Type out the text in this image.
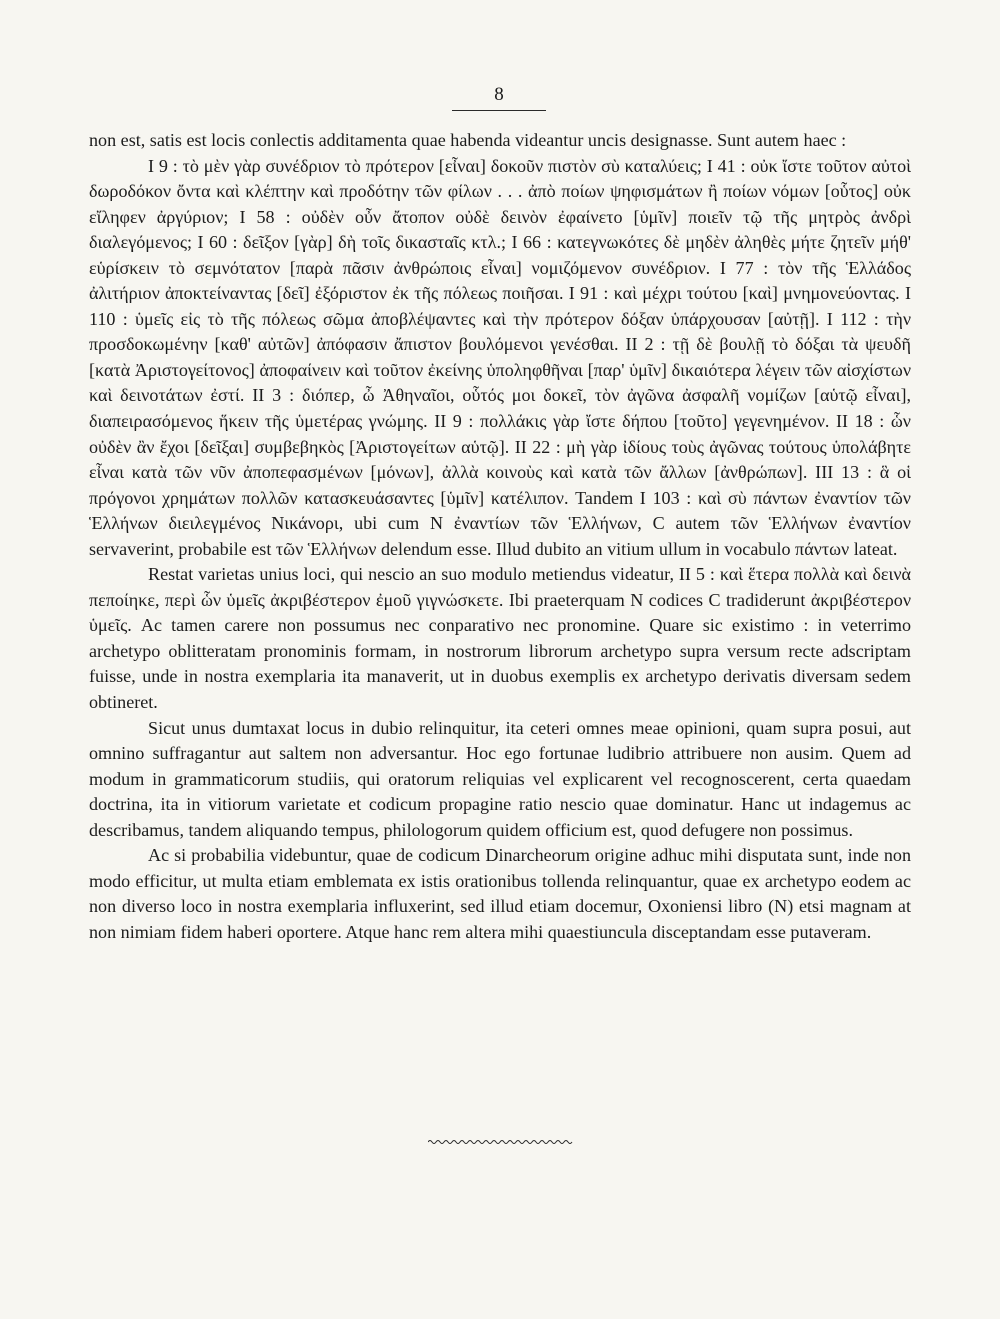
8

non est, satis est locis conlectis additamenta quae habenda videantur uncis designasse. Sunt autem haec :

I 9 : τὸ μὲν γὰρ συνέδριον τὸ πρότερον [εἶναι] δοκοῦν πιστὸν σὺ καταλύεις; I 41 : οὐκ ἴστε τοῦτον αὐτοὶ δωροδόκον ὄντα καὶ κλέπτην καὶ προδότην τῶν φίλων . . . ἀπὸ ποίων ψηφισμάτων ἢ ποίων νόμων [οὗτος] οὐκ εἴληφεν ἀργύριον; I 58 : οὐδὲν οὖν ἄτοπον οὐδὲ δεινὸν ἐφαίνετο [ὑμῖν] ποιεῖν τῷ τῆς μητρὸς ἀνδρὶ διαλεγόμενος; I 60 : δεῖξον [γὰρ] δὴ τοῖς δικασταῖς κτλ.; I 66 : κατεγνωκότες δὲ μηδὲν ἀληθὲς μήτε ζητεῖν μήθ' εὑρίσκειν τὸ σεμνότατον [παρὰ πᾶσιν ἀνθρώποις εἶναι] νομιζόμενον συνέδριον. I 77 : τὸν τῆς Ἑλλάδος ἀλιτήριον ἀποκτείναντας [δεῖ] ἐξόριστον ἐκ τῆς πόλεως ποιῆσαι. I 91 : καὶ μέχρι τούτου [καὶ] μνημονεύοντας. I 110 : ὑμεῖς εἰς τὸ τῆς πόλεως σῶμα ἀποβλέψαντες καὶ τὴν πρότερον δόξαν ὑπάρχουσαν [αὐτῇ]. I 112 : τὴν προσδοκωμένην [καθ' αὐτῶν] ἀπόφασιν ἄπιστον βουλόμενοι γενέσθαι. II 2 : τῇ δὲ βουλῇ τὸ δόξαι τὰ ψευδῆ [κατὰ Ἀριστογείτονος] ἀποφαίνειν καὶ τοῦτον ἐκείνης ὑποληφθῆναι [παρ' ὑμῖν] δικαιότερα λέγειν τῶν αἰσχίστων καὶ δεινοτάτων ἐστί. II 3 : διόπερ, ὦ Ἀθηναῖοι, οὗτός μοι δοκεῖ, τὸν ἀγῶνα ἀσφαλῆ νομίζων [αὑτῷ εἶναι], διαπειρασόμενος ἥκειν τῆς ὑμετέρας γνώμης. II 9 : πολλάκις γὰρ ἴστε δήπου [τοῦτο] γεγενημένον. II 18 : ὧν οὐδὲν ἂν ἔχοι [δεῖξαι] συμβεβηκὸς [Ἀριστογείτων αὑτῷ]. II 22 : μὴ γὰρ ἰδίους τοὺς ἀγῶνας τούτους ὑπολάβητε εἶναι κατὰ τῶν νῦν ἀποπεφασμένων [μόνων], ἀλλὰ κοινοὺς καὶ κατὰ τῶν ἄλλων [ἀνθρώπων]. III 13 : ἃ οἱ πρόγονοι χρημάτων πολλῶν κατασκευάσαντες [ὑμῖν] κατέλιπον. Tandem I 103 : καὶ σὺ πάντων ἐναντίον τῶν Ἑλλήνων διειλεγμένος Νικάνορι, ubi cum N ἐναντίων τῶν Ἑλλήνων, C autem τῶν Ἑλλήνων ἐναντίον servaverint, probabile est τῶν Ἑλλήνων delendum esse. Illud dubito an vitium ullum in vocabulo πάντων lateat.

Restat varietas unius loci, qui nescio an suo modulo metiendus videatur, II 5 : καὶ ἕτερα πολλὰ καὶ δεινὰ πεποίηκε, περὶ ὧν ὑμεῖς ἀκριβέστερον ἐμοῦ γιγνώσκετε. Ibi praeterquam N codices C tradiderunt ἀκριβέστερον ὑμεῖς. Ac tamen carere non possumus nec conparativo nec pronomine. Quare sic existimo : in veterrimo archetypo oblitteratam pronominis formam, in nostrorum librorum archetypo supra versum recte adscriptam fuisse, unde in nostra exemplaria ita manaverit, ut in duobus exemplis ex archetypo derivatis diversam sedem obtineret.

Sicut unus dumtaxat locus in dubio relinquitur, ita ceteri omnes meae opinioni, quam supra posui, aut omnino suffragantur aut saltem non adversantur. Hoc ego fortunae ludibrio attribuere non ausim. Quem ad modum in grammaticorum studiis, qui oratorum reliquias vel explicarent vel recognoscerent, certa quaedam doctrina, ita in vitiorum varietate et codicum propagine ratio nescio quae dominatur. Hanc ut indagemus ac describamus, tandem aliquando tempus, philologorum quidem officium est, quod defugere non possimus.

Ac si probabilia videbuntur, quae de codicum Dinarcheorum origine adhuc mihi disputata sunt, inde non modo efficitur, ut multa etiam emblemata ex istis orationibus tollenda relinquantur, quae ex archetypo eodem ac non diverso loco in nostra exemplaria influxerint, sed illud etiam docemur, Oxoniensi libro (N) etsi magnam at non nimiam fidem haberi oportere. Atque hanc rem altera mihi quaestiuncula disceptandam esse putaveram.
